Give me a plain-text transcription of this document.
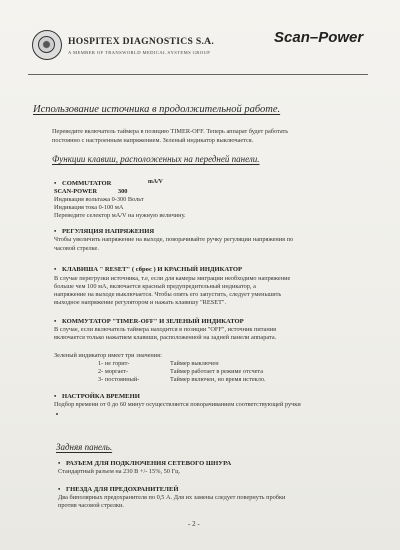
HOSPITEX DIAGNOSTICS S.A.
A MEMBER OF TRANSWORLD MEDICAL SYSTEMS GROUP
Scan–Power
Использование источника в продолжительной работе.
Переведите включатель таймера в позицию TIMER-OFF. Теперь аппарат будет работать
постоянно с настроенным напряжением. Зеленый индикатор выключается.
Функции клавиш, расположенных на передней панели.
• COMMUTATOR	mA/V
SCAN-POWER	300
Индикация вольтажа 0-300 Вольт
Индикация тока 0-100 мА
Переведите селектор мА/V на нужную величину.
• РЕГУЛЯЦИЯ НАПРЯЖЕНИЯ
Чтобы увеличить напряжение на выходе, поворачивайте ручку регуляции напряжения по
часовой стрелке.
• КЛАВИША " RESET" ( сброс ) И КРАСНЫЙ ИНДИКАТОР
В случае перегрузки источника, т.е, если для камеры миграции необходимо напряжение
больше чем 100 мА, включается красный предупредительный индикатор, а
напряжение на выходе выключается. Чтобы опять его запустить, следует уменьшить
выходное напряжение регулятором и нажать клавишу "RESET".
• КОММУТАТОР "TIMER-OFF" И ЗЕЛЕНЫЙ ИНДИКАТОР
В случае, если включатель таймера находится в позиции "OFF", источник питания
включается только нажатием клавиши, расположенной на задней панели аппарата.
Зеленый индикатор имеет три значения:
1- не горит-	Таймер выключен
2- моргает-	Таймер работает в режиме отсчета
3- постоянный-	Таймер включен, но время истекло.
• НАСТРОЙКА ВРЕМЕНИ
Подбор времени от 0 до 60 минут осуществляется поворачиванием соответствующей ручки
Задняя панель.
• РАЗЪЕМ ДЛЯ ПОДКЛЮЧЕНИЯ СЕТЕВОГО ШНУРА
Стандартный разъем на 230 В +/- 15%, 50 Гц.
• ГНЕЗДА ДЛЯ ПРЕДОХРАНИТЕЛЕЙ
Два биполярных предохранителя по 0,5 А. Для их замены следует повернуть пробки
против часовой стрелки.
- 2 -
